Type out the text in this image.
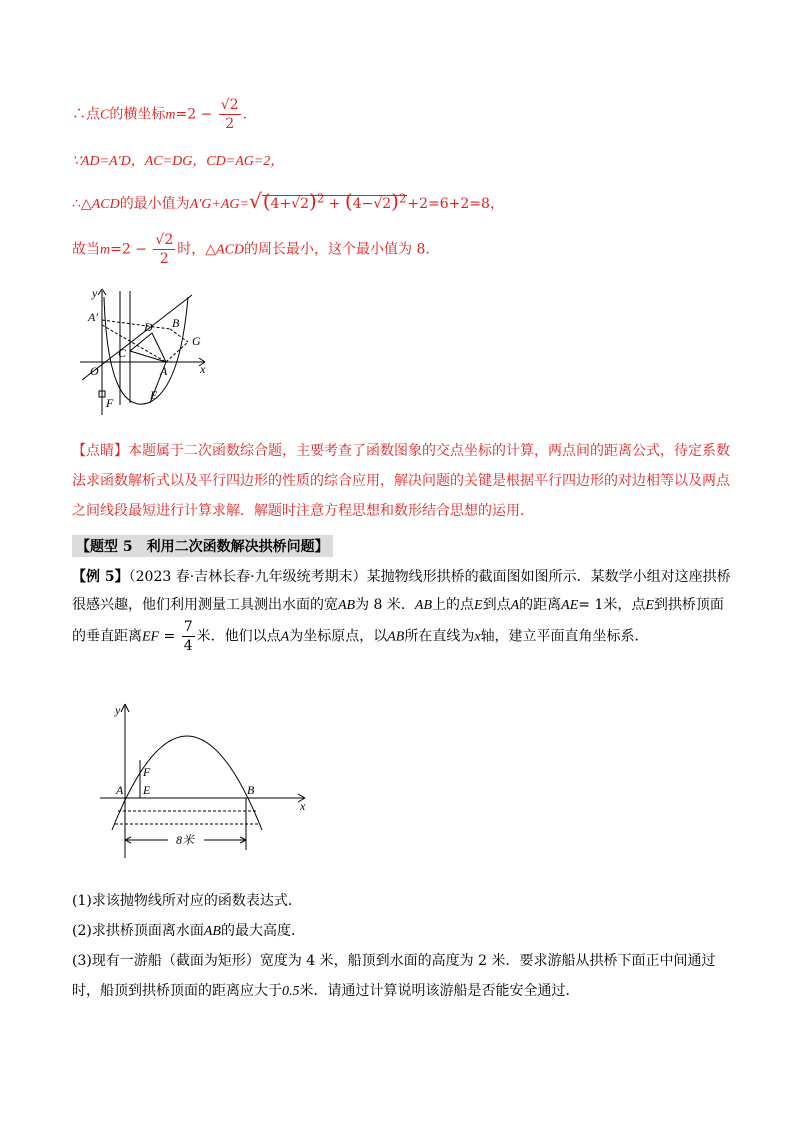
∴点C的横坐标$m=2 - \frac{√2}{2}$ .
∵AD=A′D，AC=DG，CD=AG=2，
∴△ACD的最小值为$A'G+AG=√(4+√2)^2 + (4-√2)^2+2=6+2=8$，
故当$m=2 - \frac{√2}{2}$ 时，△ACD的周长最小，这个最小值为 8.
y
A′
D B
G
C
O	A	x
F
E
【点睛】本题属于二次函数综合题，主要考查了函数图象的交点坐标的计算，两点间的距离公式，待定系数法求函数解析式以及平行四边形的性质的综合应用，解决问题的关键是根据平行四边形的对边相等以及两点之间线段最短进行计算求解．解题时注意方程思想和数形结合思想的运用．
【题型 5　利用二次函数解决拱桥问题】
【例 5】（2023 春·吉林长春·九年级统考期末）某抛物线形拱桥的截面图如图所示．某数学小组对这座拱桥很感兴趣，他们利用测量工具测出水面的宽AB为 8 米．AB上的点E到点A的距离AE= 1米，点E到拱桥顶面的垂直距离EF = $\frac{7}{4}$ 米．他们以点A为坐标原点，以AB所在直线为x轴，建立平面直角坐标系．
y
F
A E	B
x
8米
(1)求该抛物线所对应的函数表达式．
(2)求拱桥顶面离水面AB的最大高度．
(3)现有一游船（截面为矩形）宽度为 4 米，船顶到水面的高度为 2 米．要求游船从拱桥下面正中间通过时，船顶到拱桥顶面的距离应大于0.5米．请通过计算说明该游船是否能安全通过．
